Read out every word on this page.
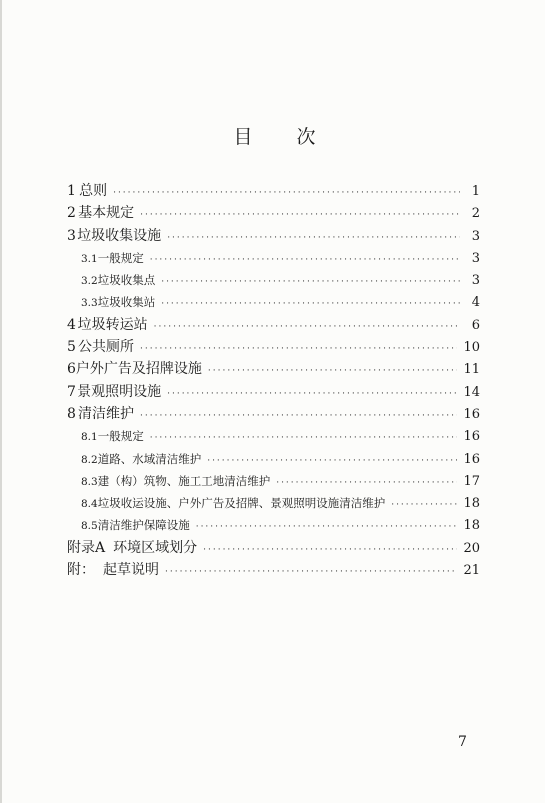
目 次
1 总则 ·····	1
2 基本规定 ·····	2
3 垃圾收集设施 ·····	3
3.1 一般规定 ·····	3
3.2 垃圾收集点 ·····	3
3.3 垃圾收集站 ·····	4
4 垃圾转运站 ·····	6
5 公共厕所 ·····	10
6 户外广告及招牌设施 ·····	11
7 景观照明设施 ·····	14
8 清洁维护 ·····	16
8.1 一般规定 ·····	16
8.2 道路、水域清洁维护 ·····	16
8.3 建（构）筑物、施工工地清洁维护 ·····	17
8.4 垃圾收运设施、户外广告及招牌、景观照明设施清洁维护 ·····	18
8.5 清洁维护保障设施 ·····	18
附录A 环境区域划分 ·····	20
附： 起草说明 ·····	21
7
